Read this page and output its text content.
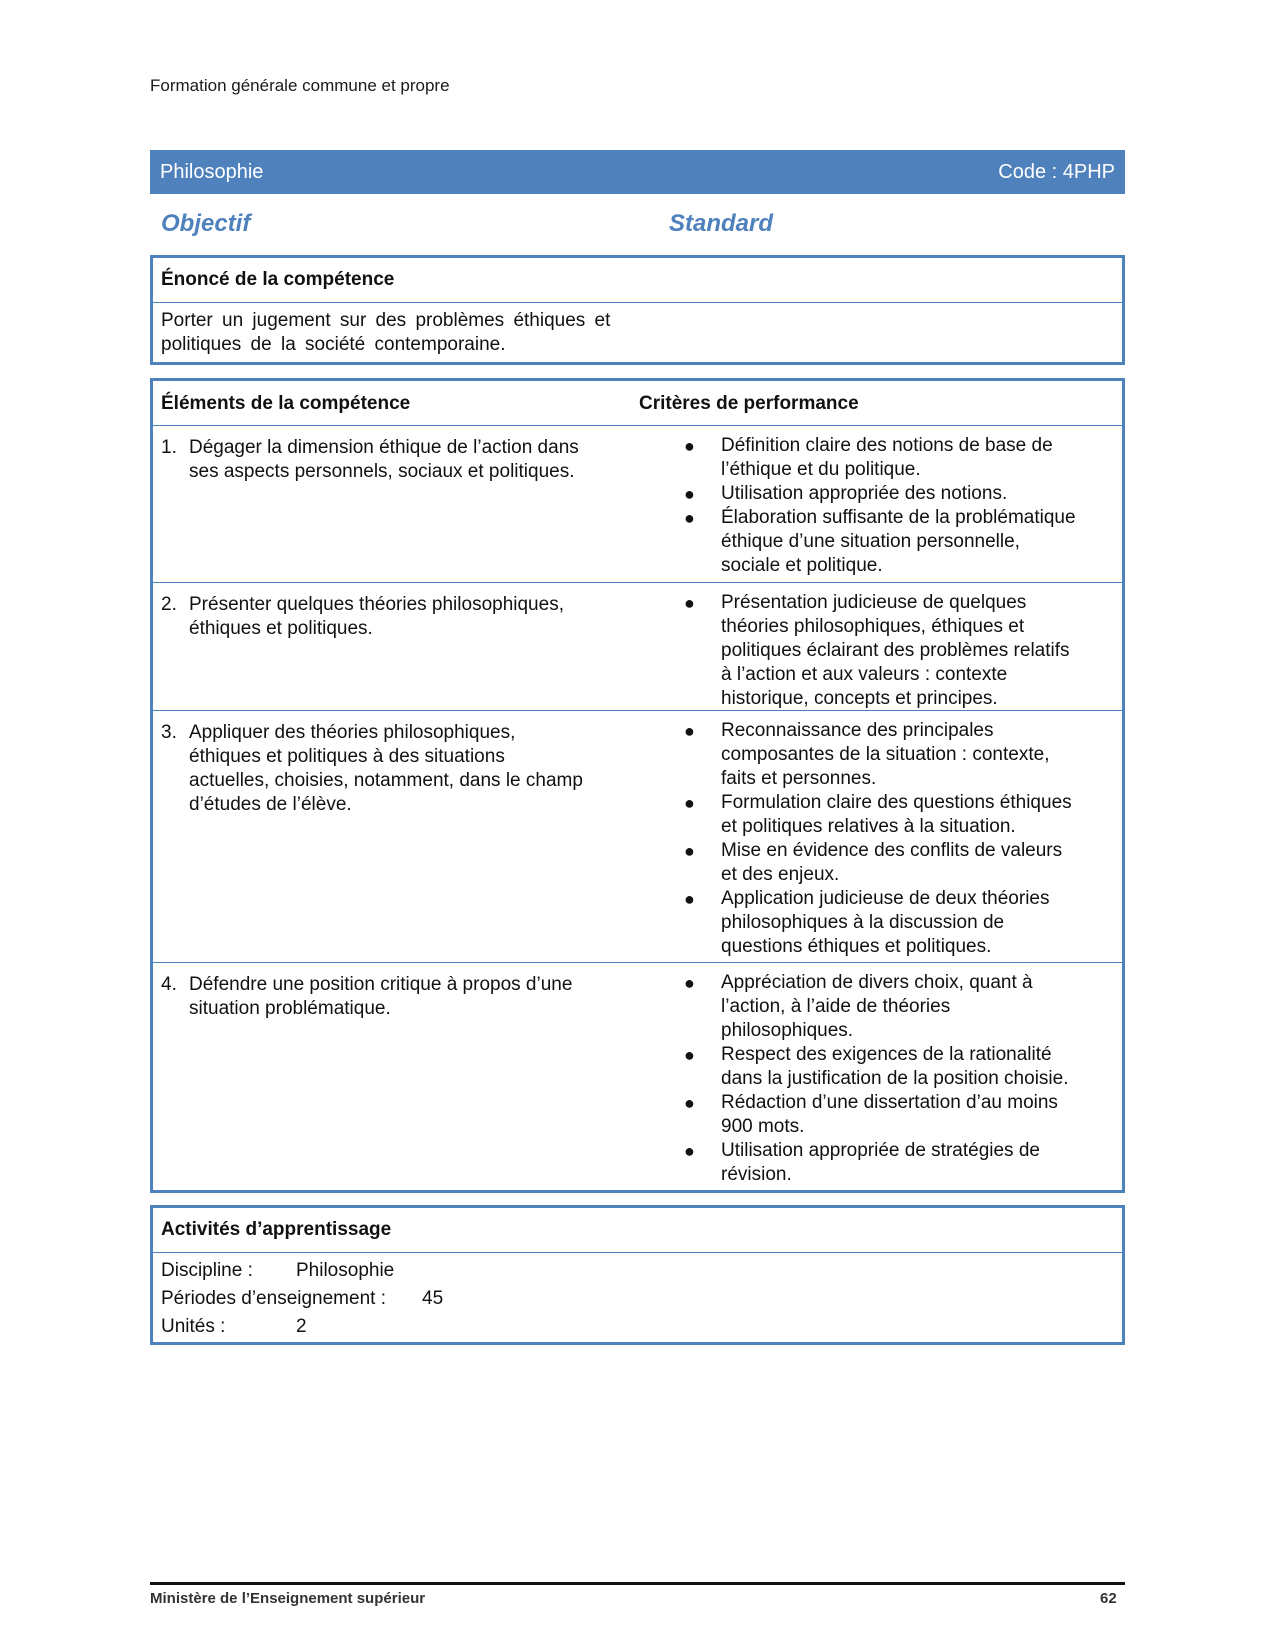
Formation générale commune et propre
Philosophie	Code : 4PHP
Objectif	Standard
Énoncé de la compétence
Porter un jugement sur des problèmes éthiques et
politiques de la société contemporaine.
Éléments de la compétence	Critères de performance
1. Dégager la dimension éthique de l’action dans
ses aspects personnels, sociaux et politiques.
● Définition claire des notions de base de
l’éthique et du politique.
● Utilisation appropriée des notions.
● Élaboration suffisante de la problématique
éthique d’une situation personnelle,
sociale et politique.
2. Présenter quelques théories philosophiques,
éthiques et politiques.
● Présentation judicieuse de quelques
théories philosophiques, éthiques et
politiques éclairant des problèmes relatifs
à l’action et aux valeurs : contexte
historique, concepts et principes.
3. Appliquer des théories philosophiques,
éthiques et politiques à des situations
actuelles, choisies, notamment, dans le champ
d’études de l’élève.
● Reconnaissance des principales
composantes de la situation : contexte,
faits et personnes.
● Formulation claire des questions éthiques
et politiques relatives à la situation.
● Mise en évidence des conflits de valeurs
et des enjeux.
● Application judicieuse de deux théories
philosophiques à la discussion de
questions éthiques et politiques.
4. Défendre une position critique à propos d’une
situation problématique.
● Appréciation de divers choix, quant à
l’action, à l’aide de théories
philosophiques.
● Respect des exigences de la rationalité
dans la justification de la position choisie.
● Rédaction d’une dissertation d’au moins
900 mots.
● Utilisation appropriée de stratégies de
révision.
Activités d’apprentissage
Discipline : Philosophie
Périodes d’enseignement : 45
Unités :	2
Ministère de l’Enseignement supérieur	62
